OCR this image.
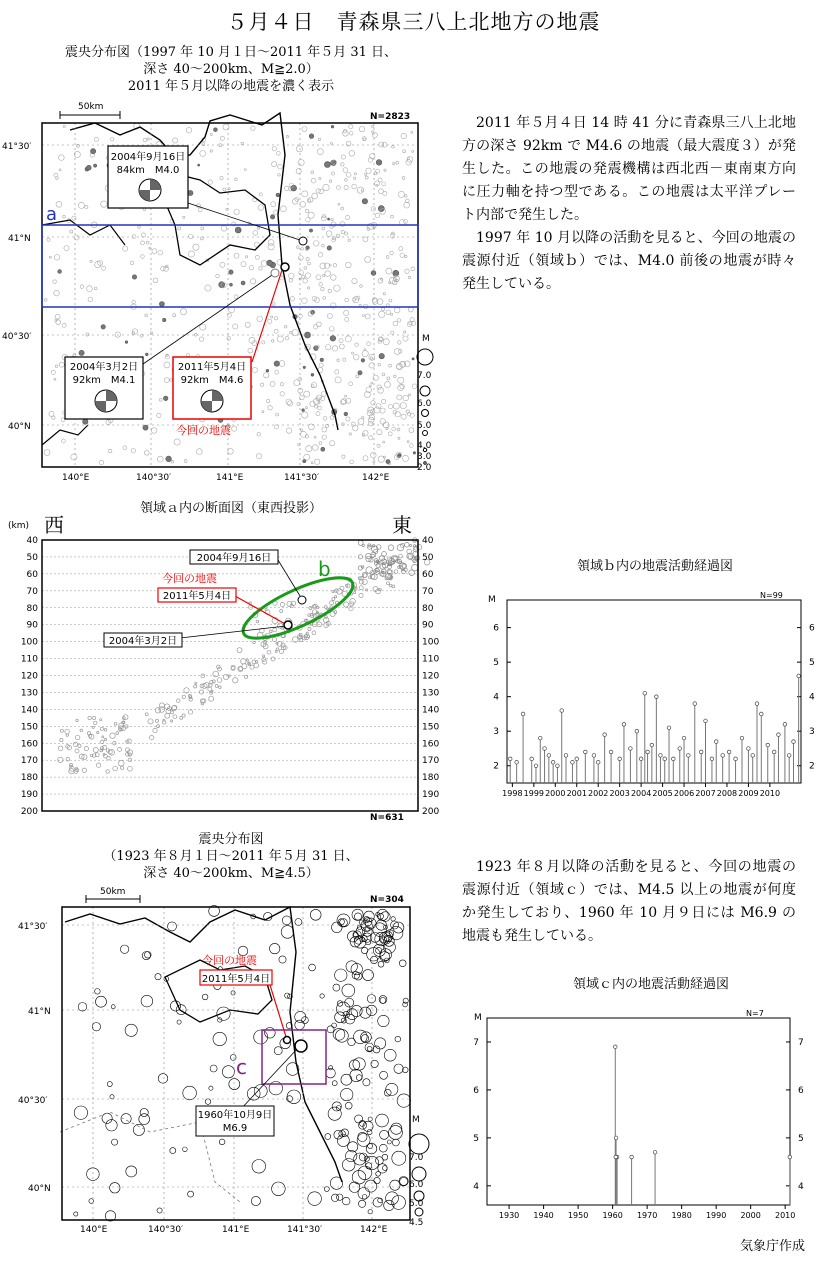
５月４日　青森県三八上北地方の地震
震央分布図（1997 年 10 月１日～2011 年５月 31 日、
深さ 40～200km、M≧2.0）
2011 年５月以降の地震を濃く表示
50km
N=2823
41°30′
41°N
40°30′
40°N
140°E	140°30′	141°E	141°30′	142°E
a
2004年9月16日
84km　M4.0
2004年3月2日
92km　M4.1
2011年5月4日
92km　M4.6
今回の地震
M
7.0
6.0
5.0
4.0
3.0
2.0
2011 年５月４日 14 時 41 分に青森県三八上北地方の深さ 92km で M4.6 の地震（最大震度３）が発生した。この地震の発震機構は西北西－東南東方向に圧力軸を持つ型である。この地震は太平洋プレート内部で発生した。
1997 年 10 月以降の活動を見ると、今回の地震の震源付近（領域ｂ）では、M4.0 前後の地震が時々発生している。
領域ａ内の断面図（東西投影）
西	東
(km)
40
50
60
70
80
90
100
110
120
130
140
150
160
170
180
190
200
40
50
60
70
80
90
100
110
120
130
140
150
160
170
180
190
200
b
2004年9月16日
今回の地震
2011年5月4日
2004年3月2日
N=631
領域ｂ内の地震活動経過図
M	N=99
2	2
3	3
4	4
5	5
6	6
1998 1999 2000 2001 2002 2003 2004 2005 2006 2007 2008 2009 2010
震央分布図
（1923 年８月１日～2011 年５月 31 日、
深さ 40～200km、M≧4.5）
50km
N=304
41°30′
41°N
40°30′
40°N
140°E	140°30′	141°E	141°30′	142°E
c
今回の地震
2011年5月4日
1960年10月9日
M6.9
M
7.0
6.0
5.0
4.5
1923 年８月以降の活動を見ると、今回の地震の震源付近（領域ｃ）では、M4.5 以上の地震が何度か発生しており、1960 年 10 月９日には M6.9 の地震も発生している。
領域ｃ内の地震活動経過図
M	N=7
4	4
5	5
6	6
7	7
1930 1940 1950 1960 1970 1980 1990 2000 2010
気象庁作成
